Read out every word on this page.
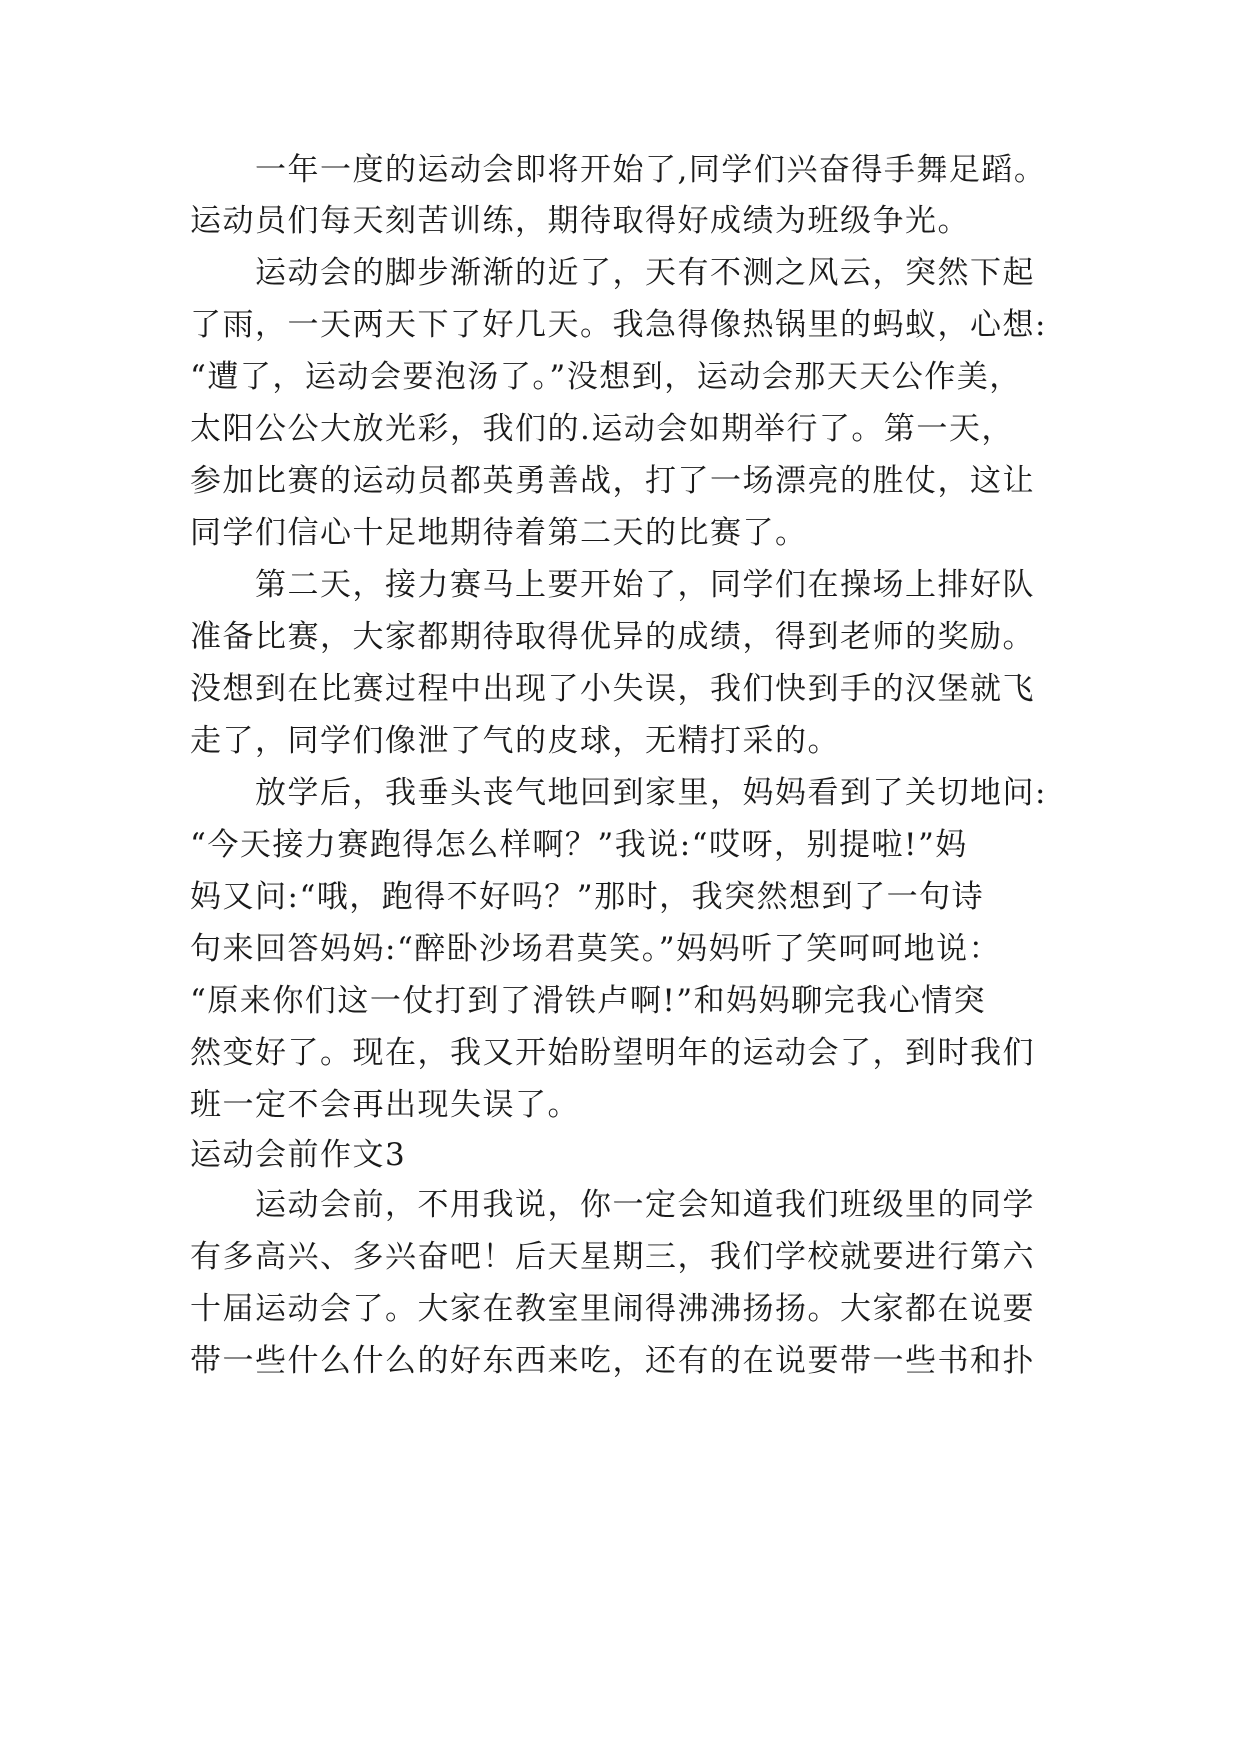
一年一度的运动会即将开始了,同学们兴奋得手舞足蹈。
运动员们每天刻苦训练，期待取得好成绩为班级争光。
运动会的脚步渐渐的近了，天有不测之风云，突然下起
了雨，一天两天下了好几天。我急得像热锅里的蚂蚁，心想:
“遭了，运动会要泡汤了。”没想到，运动会那天天公作美，
太阳公公大放光彩，我们的.运动会如期举行了。第一天，
参加比赛的运动员都英勇善战，打了一场漂亮的胜仗，这让
同学们信心十足地期待着第二天的比赛了。
第二天，接力赛马上要开始了，同学们在操场上排好队
准备比赛，大家都期待取得优异的成绩，得到老师的奖励。
没想到在比赛过程中出现了小失误，我们快到手的汉堡就飞
走了，同学们像泄了气的皮球，无精打采的。
放学后，我垂头丧气地回到家里，妈妈看到了关切地问:
“今天接力赛跑得怎么样啊？”我说:“哎呀，别提啦!”妈
妈又问:“哦，跑得不好吗？”那时，我突然想到了一句诗
句来回答妈妈:“醉卧沙场君莫笑。”妈妈听了笑呵呵地说：
“原来你们这一仗打到了滑铁卢啊!”和妈妈聊完我心情突
然变好了。现在，我又开始盼望明年的运动会了，到时我们
班一定不会再出现失误了。
运动会前作文3
运动会前，不用我说，你一定会知道我们班级里的同学
有多高兴、多兴奋吧！后天星期三，我们学校就要进行第六
十届运动会了。大家在教室里闹得沸沸扬扬。大家都在说要
带一些什么什么的好东西来吃，还有的在说要带一些书和扑
